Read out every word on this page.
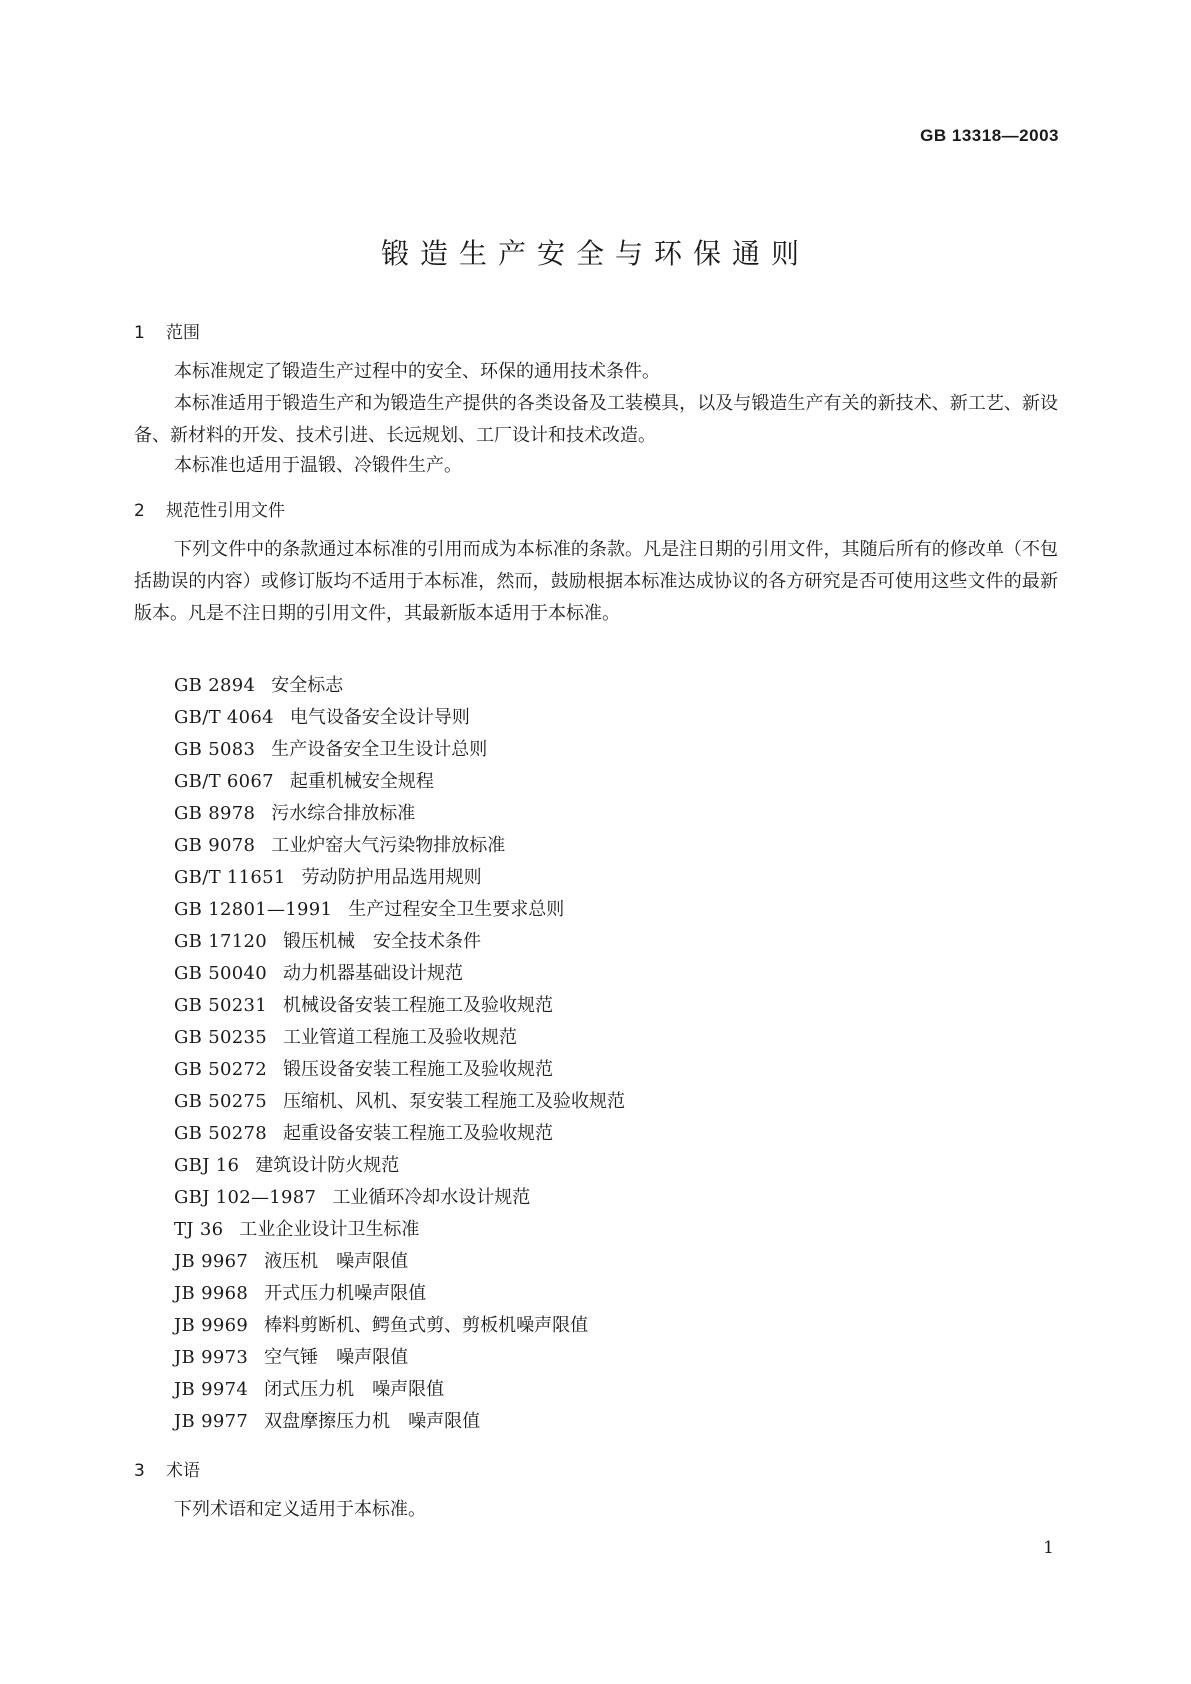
GB 13318—2003
锻造生产安全与环保通则
1 范围

本标准规定了锻造生产过程中的安全、环保的通用技术条件。

本标准适用于锻造生产和为锻造生产提供的各类设备及工装模具，以及与锻造生产有关的新技术、新工艺、新设备、新材料的开发、技术引进、长远规划、工厂设计和技术改造。

本标准也适用于温锻、冷锻件生产。

2 规范性引用文件

下列文件中的条款通过本标准的引用而成为本标准的条款。凡是注日期的引用文件，其随后所有的修改单（不包括勘误的内容）或修订版均不适用于本标准，然而，鼓励根据本标准达成协议的各方研究是否可使用这些文件的最新版本。凡是不注日期的引用文件，其最新版本适用于本标准。

GB 2894 安全标志
GB/T 4064 电气设备安全设计导则
GB 5083 生产设备安全卫生设计总则
GB/T 6067 起重机械安全规程
GB 8978 污水综合排放标准
GB 9078 工业炉窑大气污染物排放标准
GB/T 11651 劳动防护用品选用规则
GB 12801—1991 生产过程安全卫生要求总则
GB 17120 锻压机械　安全技术条件
GB 50040 动力机器基础设计规范
GB 50231 机械设备安装工程施工及验收规范
GB 50235 工业管道工程施工及验收规范
GB 50272 锻压设备安装工程施工及验收规范
GB 50275 压缩机、风机、泵安装工程施工及验收规范
GB 50278 起重设备安装工程施工及验收规范
GBJ 16 建筑设计防火规范
GBJ 102—1987 工业循环冷却水设计规范
TJ 36 工业企业设计卫生标准
JB 9967 液压机　噪声限值
JB 9968 开式压力机噪声限值
JB 9969 棒料剪断机、鳄鱼式剪、剪板机噪声限值
JB 9973 空气锤　噪声限值
JB 9974 闭式压力机　噪声限值
JB 9977 双盘摩擦压力机　噪声限值
3 术语

下列术语和定义适用于本标准。

1
